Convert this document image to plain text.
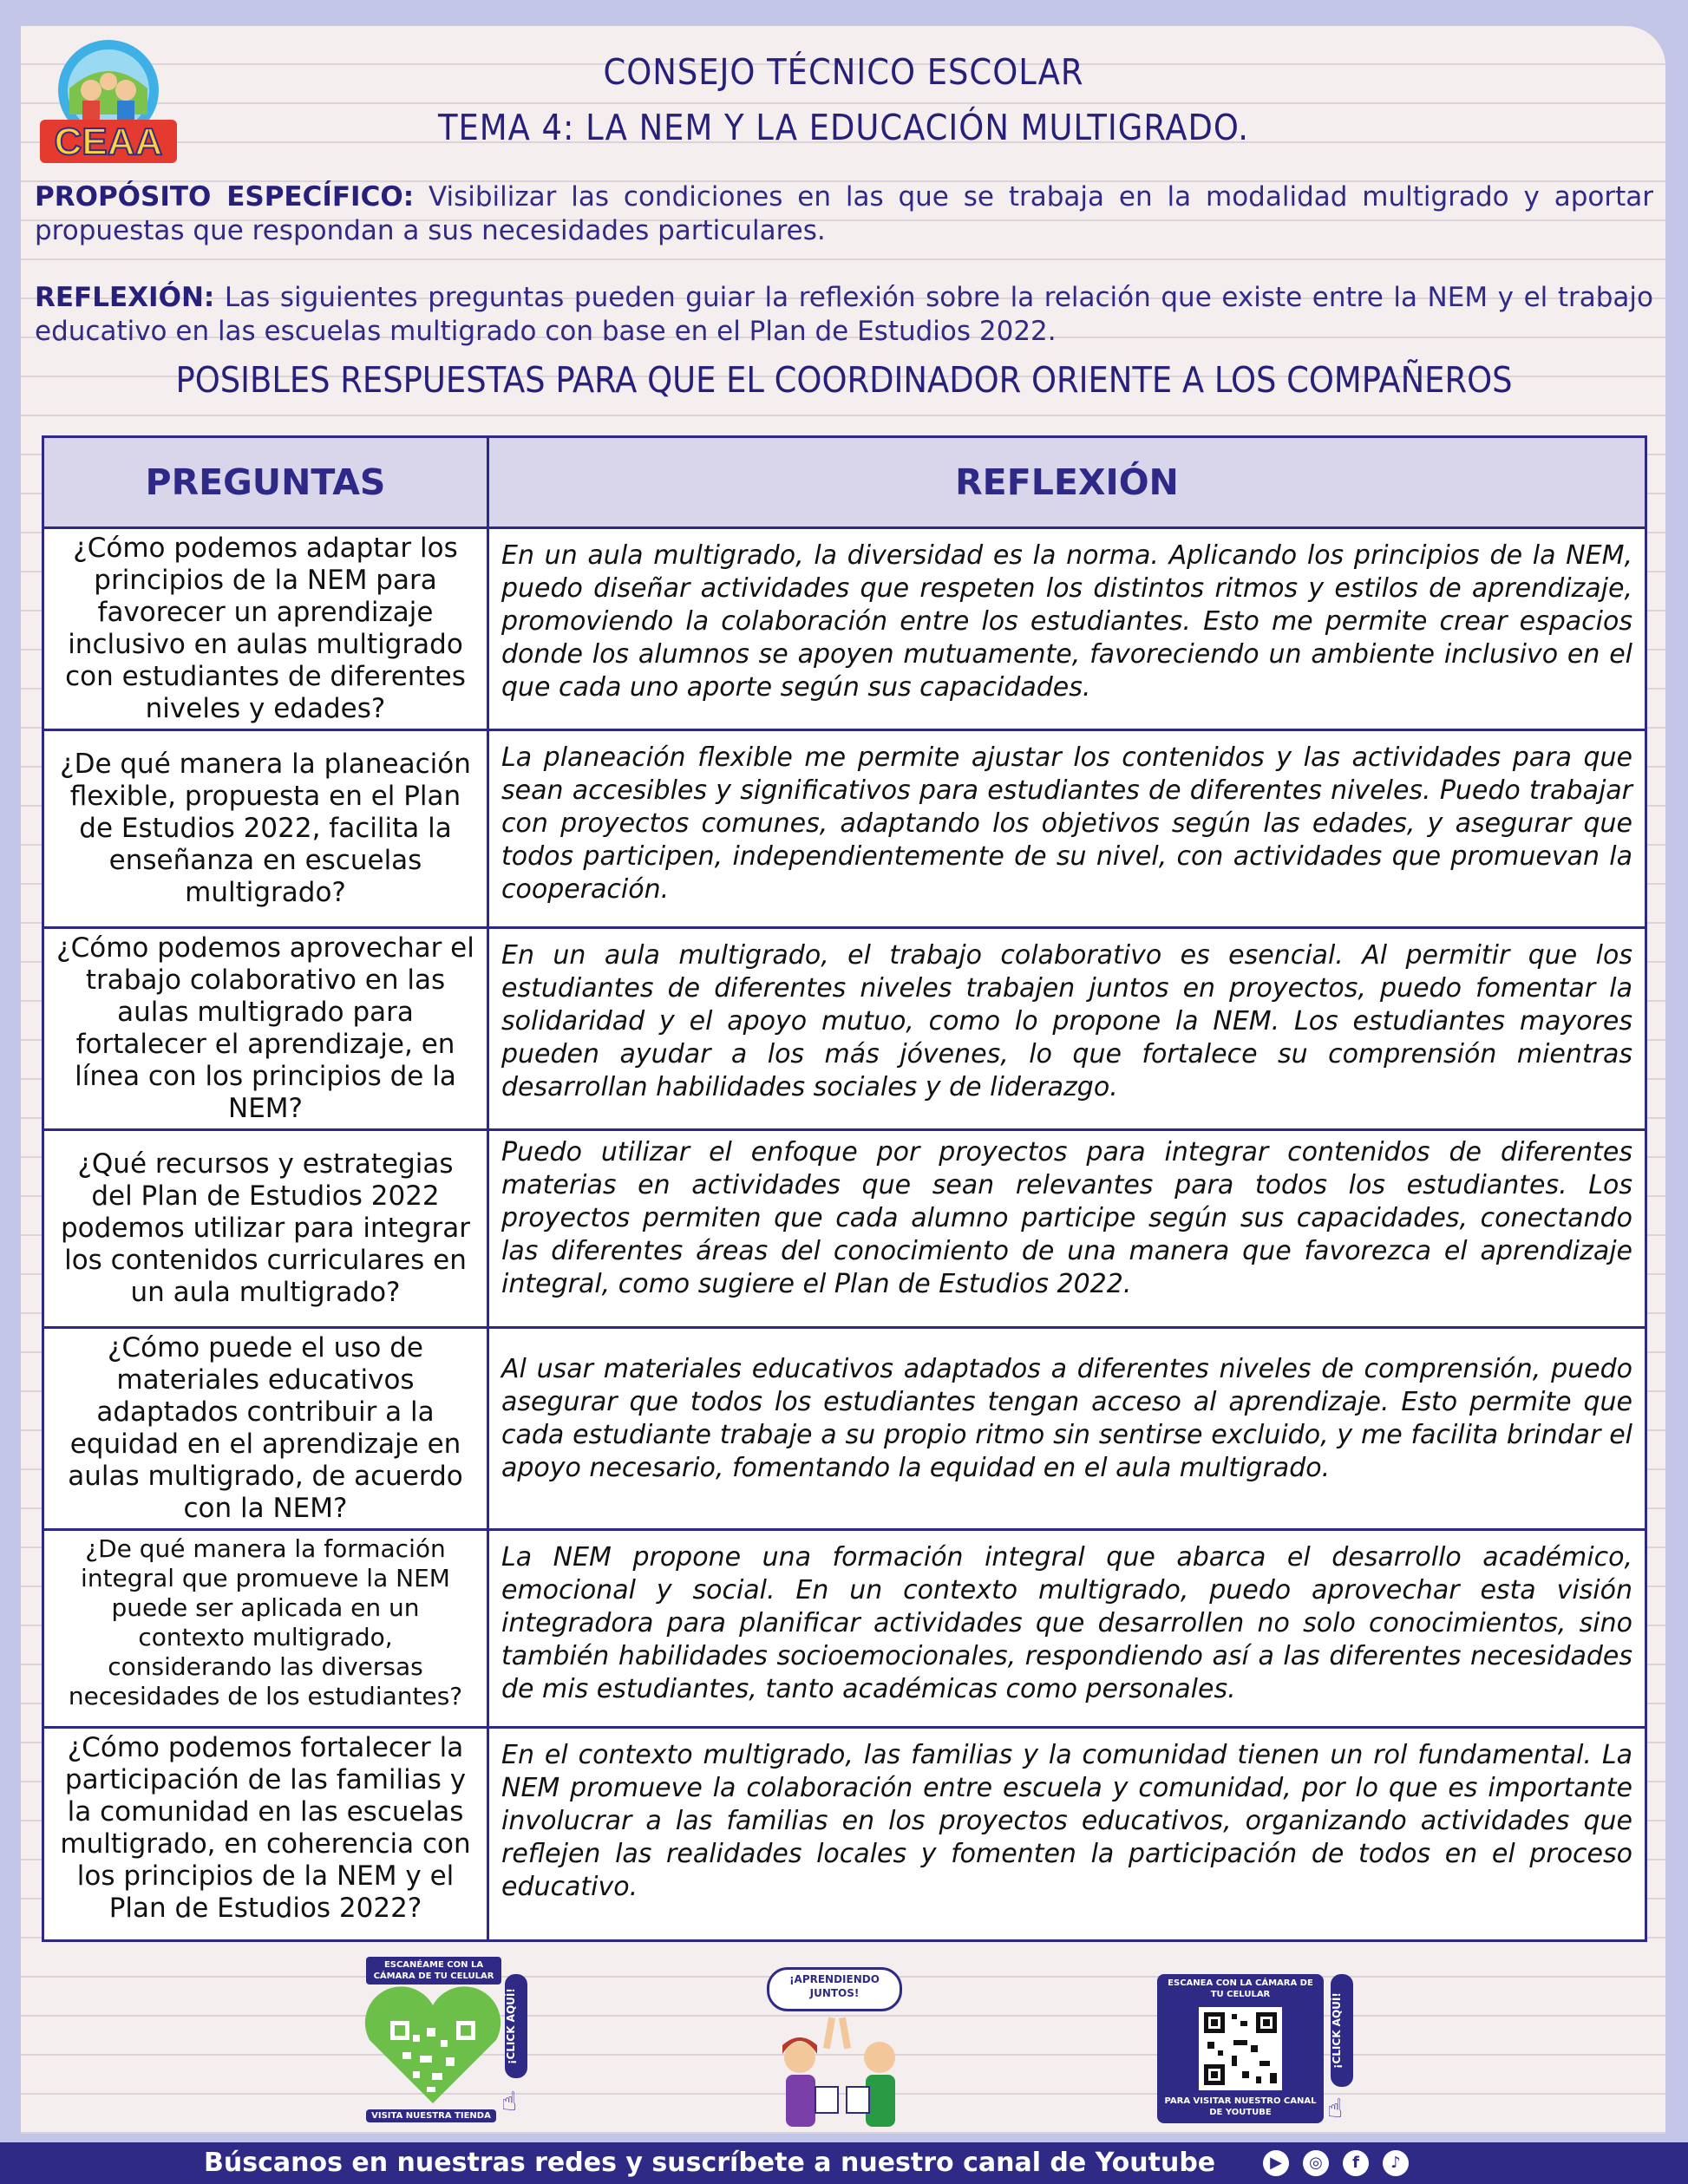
CEAA
CONSEJO TÉCNICO ESCOLAR
TEMA 4: LA NEM Y LA EDUCACIÓN MULTIGRADO.
PROPÓSITO ESPECÍFICO: Visibilizar las condiciones en las que se trabaja en la modalidad multigrado y aportar propuestas que respondan a sus necesidades particulares.
REFLEXIÓN: Las siguientes preguntas pueden guiar la reflexión sobre la relación que existe entre la NEM y el trabajo educativo en las escuelas multigrado con base en el Plan de Estudios 2022.
POSIBLES RESPUESTAS PARA QUE EL COORDINADOR ORIENTE A LOS COMPAÑEROS
PREGUNTAS	REFLEXIÓN
¿Cómo podemos adaptar los principios de la NEM para favorecer un aprendizaje inclusivo en aulas multigrado con estudiantes de diferentes niveles y edades?	En un aula multigrado, la diversidad es la norma. Aplicando los principios de la NEM, puedo diseñar actividades que respeten los distintos ritmos y estilos de aprendizaje, promoviendo la colaboración entre los estudiantes. Esto me permite crear espacios donde los alumnos se apoyen mutuamente, favoreciendo un ambiente inclusivo en el que cada uno aporte según sus capacidades.
¿De qué manera la planeación flexible, propuesta en el Plan de Estudios 2022, facilita la enseñanza en escuelas multigrado?	La planeación flexible me permite ajustar los contenidos y las actividades para que sean accesibles y significativos para estudiantes de diferentes niveles. Puedo trabajar con proyectos comunes, adaptando los objetivos según las edades, y asegurar que todos participen, independientemente de su nivel, con actividades que promuevan la cooperación.
¿Cómo podemos aprovechar el trabajo colaborativo en las aulas multigrado para fortalecer el aprendizaje, en línea con los principios de la NEM?	En un aula multigrado, el trabajo colaborativo es esencial. Al permitir que los estudiantes de diferentes niveles trabajen juntos en proyectos, puedo fomentar la solidaridad y el apoyo mutuo, como lo propone la NEM. Los estudiantes mayores pueden ayudar a los más jóvenes, lo que fortalece su comprensión mientras desarrollan habilidades sociales y de liderazgo.
¿Qué recursos y estrategias del Plan de Estudios 2022 podemos utilizar para integrar los contenidos curriculares en un aula multigrado?	Puedo utilizar el enfoque por proyectos para integrar contenidos de diferentes materias en actividades que sean relevantes para todos los estudiantes. Los proyectos permiten que cada alumno participe según sus capacidades, conectando las diferentes áreas del conocimiento de una manera que favorezca el aprendizaje integral, como sugiere el Plan de Estudios 2022.
¿Cómo puede el uso de materiales educativos adaptados contribuir a la equidad en el aprendizaje en aulas multigrado, de acuerdo con la NEM?	Al usar materiales educativos adaptados a diferentes niveles de comprensión, puedo asegurar que todos los estudiantes tengan acceso al aprendizaje. Esto permite que cada estudiante trabaje a su propio ritmo sin sentirse excluido, y me facilita brindar el apoyo necesario, fomentando la equidad en el aula multigrado.
¿De qué manera la formación integral que promueve la NEM puede ser aplicada en un contexto multigrado, considerando las diversas necesidades de los estudiantes?	La NEM propone una formación integral que abarca el desarrollo académico, emocional y social. En un contexto multigrado, puedo aprovechar esta visión integradora para planificar actividades que desarrollen no solo conocimientos, sino también habilidades socioemocionales, respondiendo así a las diferentes necesidades de mis estudiantes, tanto académicas como personales.
¿Cómo podemos fortalecer la participación de las familias y la comunidad en las escuelas multigrado, en coherencia con los principios de la NEM y el Plan de Estudios 2022?	En el contexto multigrado, las familias y la comunidad tienen un rol fundamental. La NEM promueve la colaboración entre escuela y comunidad, por lo que es importante involucrar a las familias en los proyectos educativos, organizando actividades que reflejen las realidades locales y fomenten la participación de todos en el proceso educativo.
ESCANÉAME CON LA CÁMARA DE TU CELULAR
¡CLICK AQUÍ!
☝
VISITA NUESTRA TIENDA
¡APRENDIENDO JUNTOS!
ESCANEA CON LA CÁMARA DE TU CELULAR
PARA VISITAR NUESTRO CANAL DE YOUTUBE
¡CLICK AQUÍ!
☝
Búscanos en nuestras redes y suscríbete a nuestro canal de Youtube	▶	◎	f	♪
